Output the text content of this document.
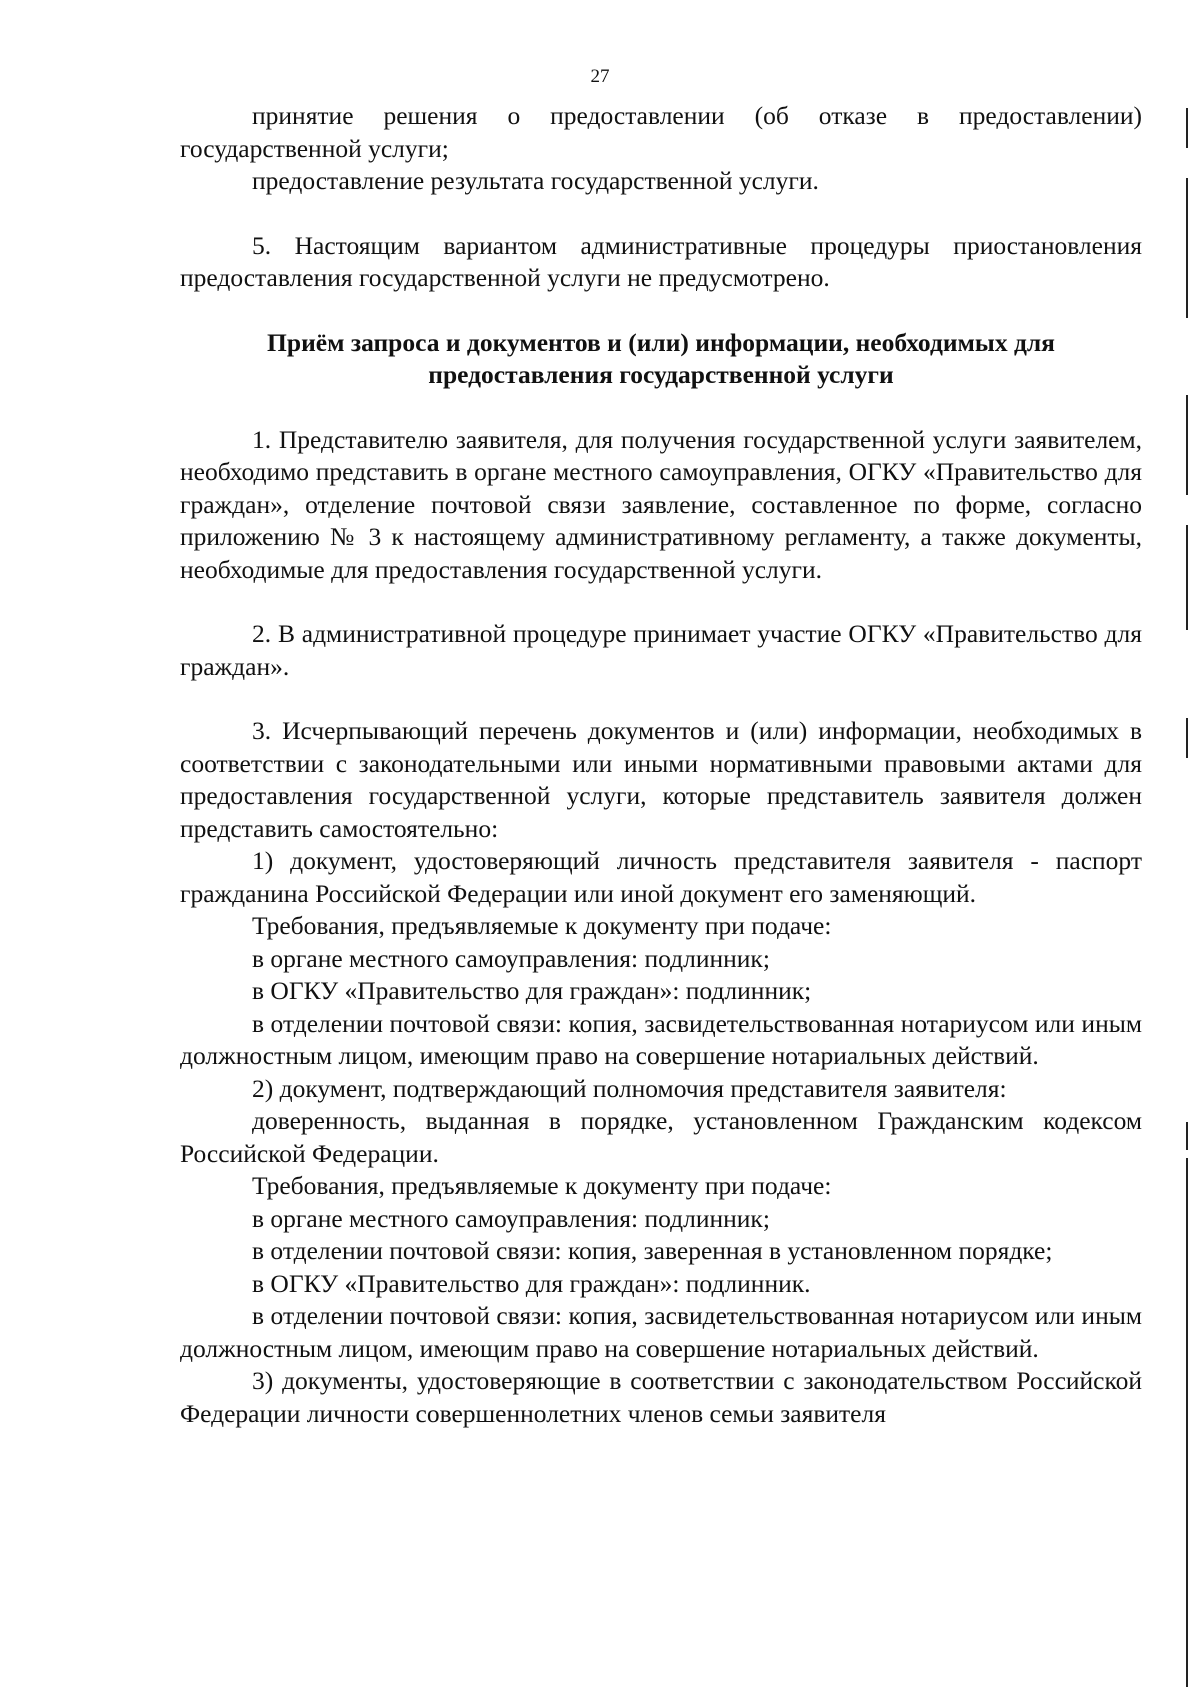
27

принятие решения о предоставлении (об отказе в предоставлении) государственной услуги;

предоставление результата государственной услуги.

5. Настоящим вариантом административные процедуры приостановления предоставления государственной услуги не предусмотрено.

Приём запроса и документов и (или) информации, необходимых для

предоставления государственной услуги

1. Представителю заявителя, для получения государственной услуги заявителем, необходимо представить в органе местного самоуправления, ОГКУ «Правительство для граждан», отделение почтовой связи заявление, составленное по форме, согласно приложению № 3 к настоящему административному регламенту, а также документы, необходимые для предоставления государственной услуги.

2. В административной процедуре принимает участие ОГКУ «Правительство для граждан».

3. Исчерпывающий перечень документов и (или) информации, необходимых в соответствии с законодательными или иными нормативными правовыми актами для предоставления государственной услуги, которые представитель заявителя должен представить самостоятельно:

1) документ, удостоверяющий личность представителя заявителя - паспорт гражданина Российской Федерации или иной документ его заменяющий.

Требования, предъявляемые к документу при подаче:

в органе местного самоуправления: подлинник;

в ОГКУ «Правительство для граждан»: подлинник;

в отделении почтовой связи: копия, засвидетельствованная нотариусом или иным должностным лицом, имеющим право на совершение нотариальных действий.

2) документ, подтверждающий полномочия представителя заявителя:

доверенность, выданная в порядке, установленном Гражданским кодексом Российской Федерации.

Требования, предъявляемые к документу при подаче:

в органе местного самоуправления: подлинник;

в отделении почтовой связи: копия, заверенная в установленном порядке;

в ОГКУ «Правительство для граждан»: подлинник.

в отделении почтовой связи: копия, засвидетельствованная нотариусом или иным должностным лицом, имеющим право на совершение нотариальных действий.

3) документы, удостоверяющие в соответствии с законодательством Российской Федерации личности совершеннолетних членов семьи заявителя
